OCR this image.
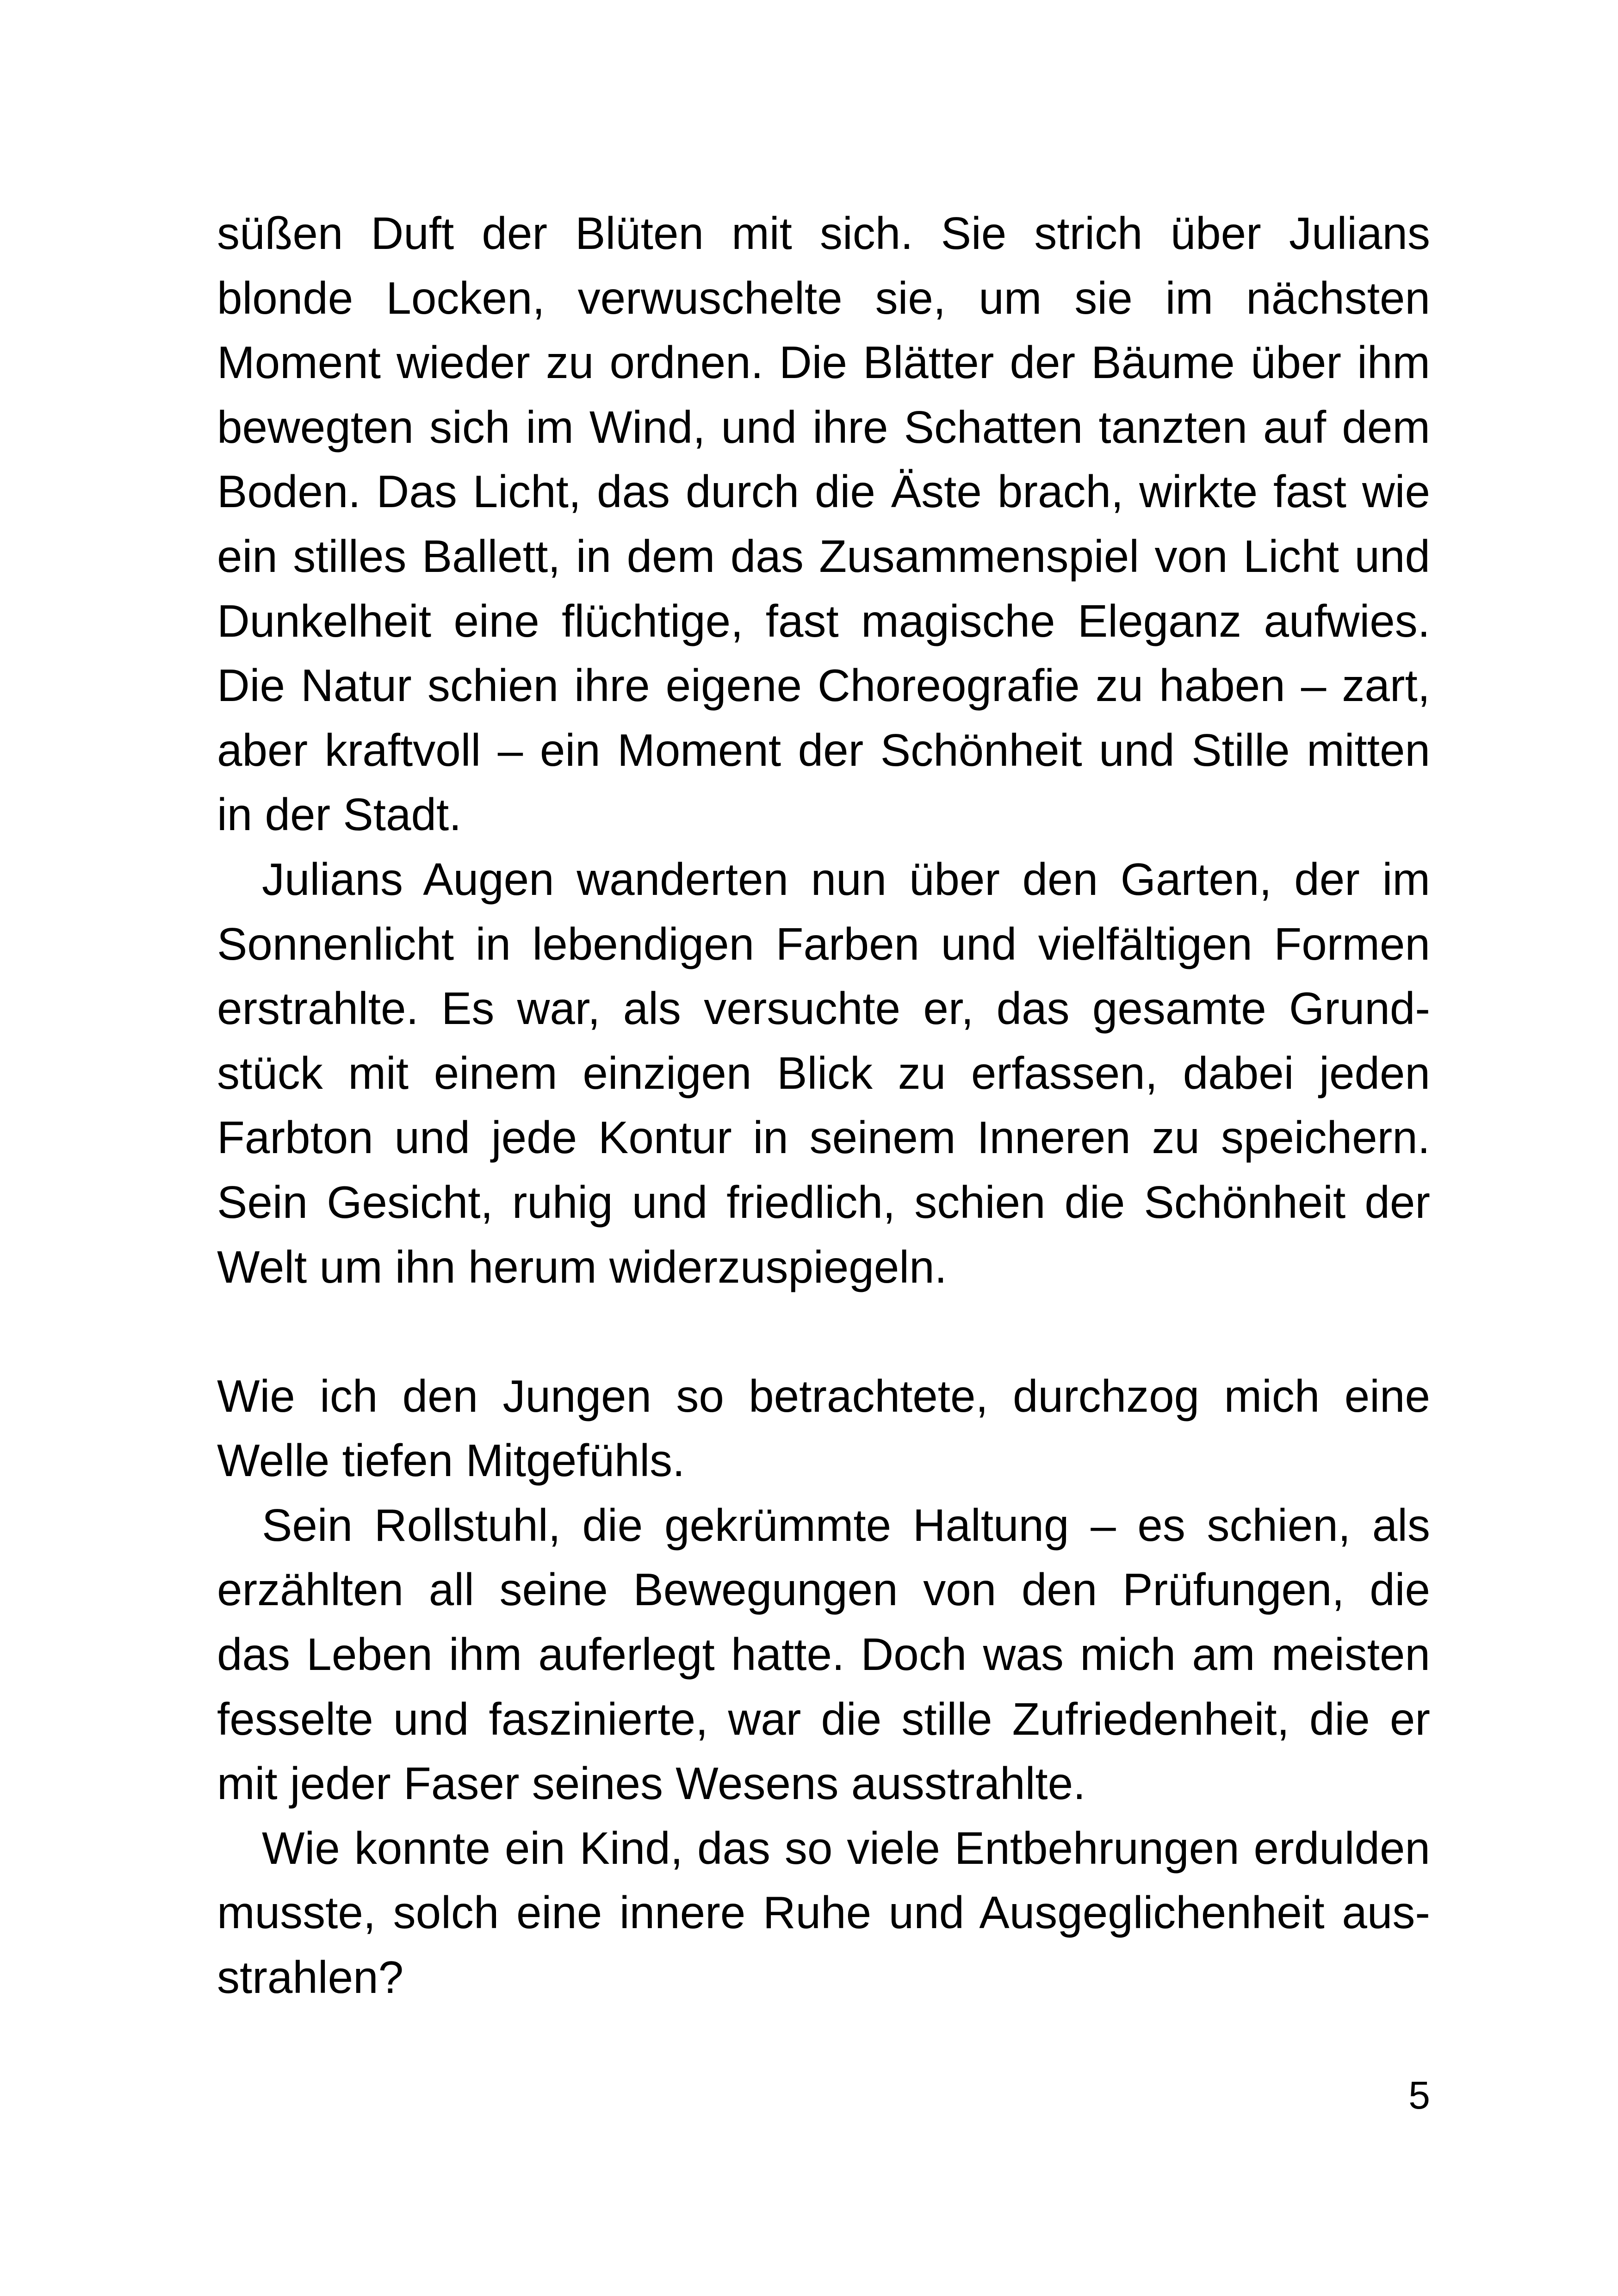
süßen Duft der Blüten mit sich. Sie strich über Julians
blonde Locken, verwuschelte sie, um sie im nächsten
Moment wieder zu ordnen. Die Blätter der Bäume über ihm
bewegten sich im Wind, und ihre Schatten tanzten auf dem
Boden. Das Licht, das durch die Äste brach, wirkte fast wie
ein stilles Ballett, in dem das Zusammenspiel von Licht und
Dunkelheit eine flüchtige, fast magische Eleganz aufwies.
Die Natur schien ihre eigene Choreografie zu haben – zart,
aber kraftvoll – ein Moment der Schönheit und Stille mitten
in der Stadt.
Julians Augen wanderten nun über den Garten, der im
Sonnenlicht in lebendigen Farben und vielfältigen Formen
erstrahlte. Es war, als versuchte er, das gesamte Grund-
stück mit einem einzigen Blick zu erfassen, dabei jeden
Farbton und jede Kontur in seinem Inneren zu speichern.
Sein Gesicht, ruhig und friedlich, schien die Schönheit der
Welt um ihn herum widerzuspiegeln.
Wie ich den Jungen so betrachtete, durchzog mich eine
Welle tiefen Mitgefühls.
Sein Rollstuhl, die gekrümmte Haltung – es schien, als
erzählten all seine Bewegungen von den Prüfungen, die
das Leben ihm auferlegt hatte. Doch was mich am meisten
fesselte und faszinierte, war die stille Zufriedenheit, die er
mit jeder Faser seines Wesens ausstrahlte.
Wie konnte ein Kind, das so viele Entbehrungen erdulden
musste, solch eine innere Ruhe und Ausgeglichenheit aus-
strahlen?
5
